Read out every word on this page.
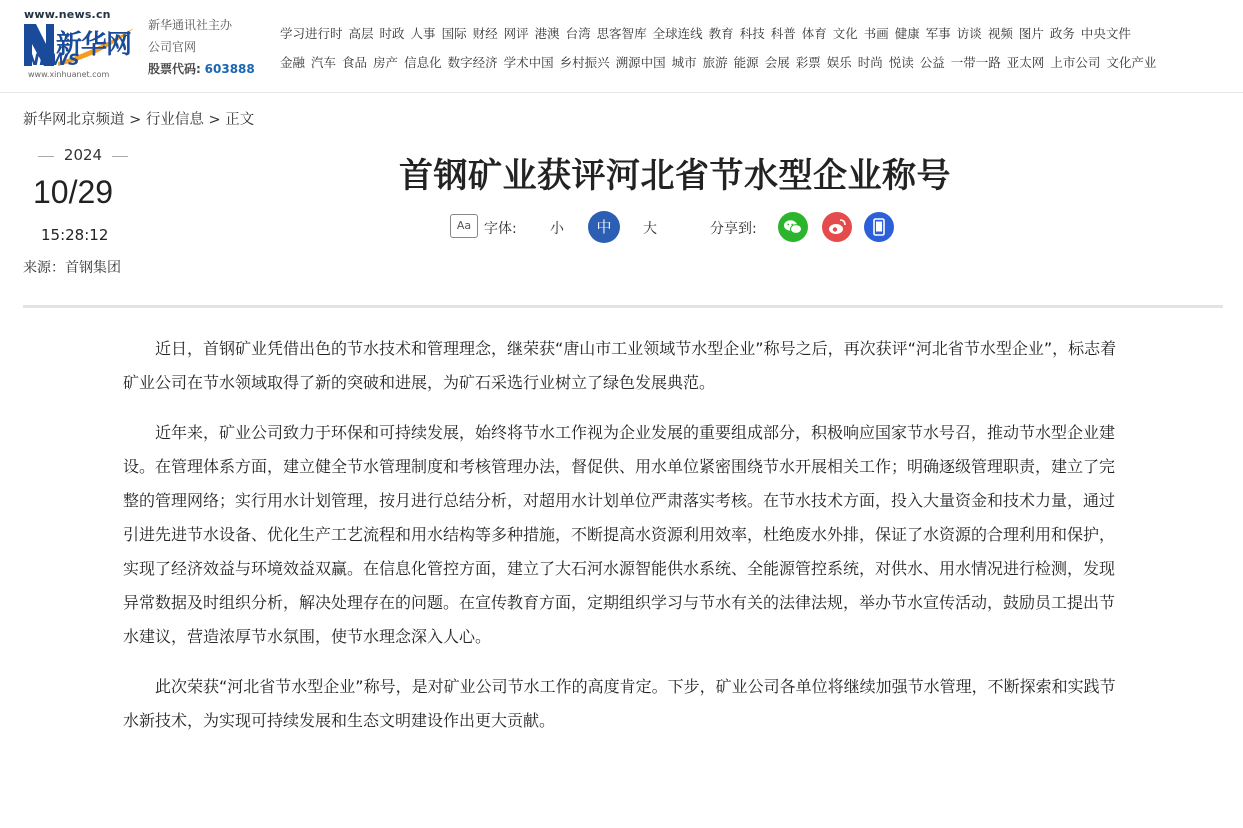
www.news.cn
新华网
NEWS
www.xinhuanet.com
新华通讯社主办
公司官网
股票代码: 603888
学习进行时 高层 时政 人事 国际 财经 网评 港澳 台湾 思客智库 全球连线 教育 科技 科普 体育 文化 书画 健康 军事 访谈 视频 图片 政务 中央文件
金融 汽车 食品 房产 信息化 数字经济 学术中国 乡村振兴 溯源中国 城市 旅游 能源 会展 彩票 娱乐 时尚 悦读 公益 一带一路 亚太网 上市公司 文化产业
新华网北京频道 > 行业信息 > 正文
2024
10/29
15:28:12
来源：首钢集团
首钢矿业获评河北省节水型企业称号
Aa 字体: 小	中	大	分享到:

近日，首钢矿业凭借出色的节水技术和管理理念，继荣获“唐山市工业领域节水型企业”称号之后，再次获评“河北省节水型企业”，标志着矿业公司在节水领域取得了新的突破和进展，为矿石采选行业树立了绿色发展典范。

近年来，矿业公司致力于环保和可持续发展，始终将节水工作视为企业发展的重要组成部分，积极响应国家节水号召，推动节水型企业建设。在管理体系方面，建立健全节水管理制度和考核管理办法，督促供、用水单位紧密围绕节水开展相关工作；明确逐级管理职责，建立了完整的管理网络；实行用水计划管理，按月进行总结分析，对超用水计划单位严肃落实考核。在节水技术方面，投入大量资金和技术力量，通过引进先进节水设备、优化生产工艺流程和用水结构等多种措施，不断提高水资源利用效率，杜绝废水外排，保证了水资源的合理利用和保护，实现了经济效益与环境效益双赢。在信息化管控方面，建立了大石河水源智能供水系统、全能源管控系统，对供水、用水情况进行检测，发现异常数据及时组织分析，解决处理存在的问题。在宣传教育方面，定期组织学习与节水有关的法律法规，举办节水宣传活动，鼓励员工提出节水建议，营造浓厚节水氛围，使节水理念深入人心。

此次荣获“河北省节水型企业”称号，是对矿业公司节水工作的高度肯定。下步，矿业公司各单位将继续加强节水管理，不断探索和实践节水新技术，为实现可持续发展和生态文明建设作出更大贡献。
